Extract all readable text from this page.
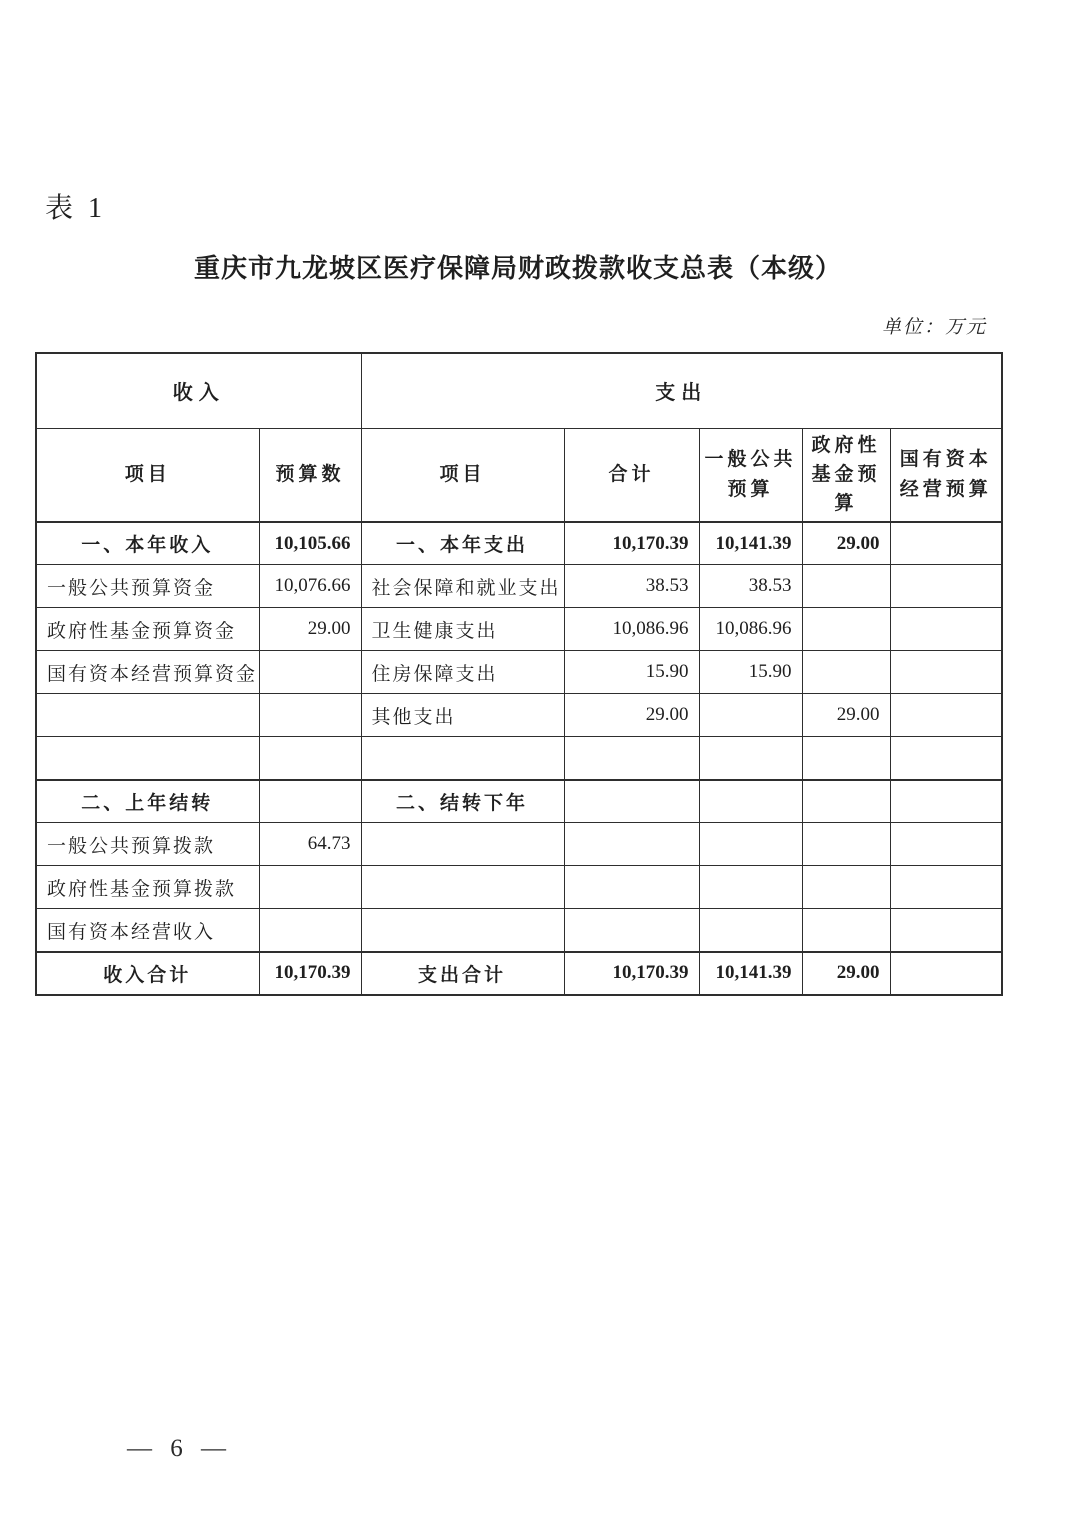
表 1
重庆市九龙坡区医疗保障局财政拨款收支总表（本级）
单位：万元
收入		支出				
项目	预算数	项目	合计	一般公共预算	政府性基金预算	国有资本经营预算
一、本年收入	10,105.66	一、本年支出	10,170.39	10,141.39	29.00	
一般公共预算资金	10,076.66	社会保障和就业支出	38.53	38.53		
政府性基金预算资金	29.00	卫生健康支出	10,086.96	10,086.96		
国有资本经营预算资金		住房保障支出	15.90	15.90		
		其他支出	29.00		29.00	

二、上年结转		二、结转下年				
一般公共预算拨款	64.73					
政府性基金预算拨款						
国有资本经营收入						
收入合计	10,170.39	支出合计	10,170.39	10,141.39	29.00	
— 6 —
